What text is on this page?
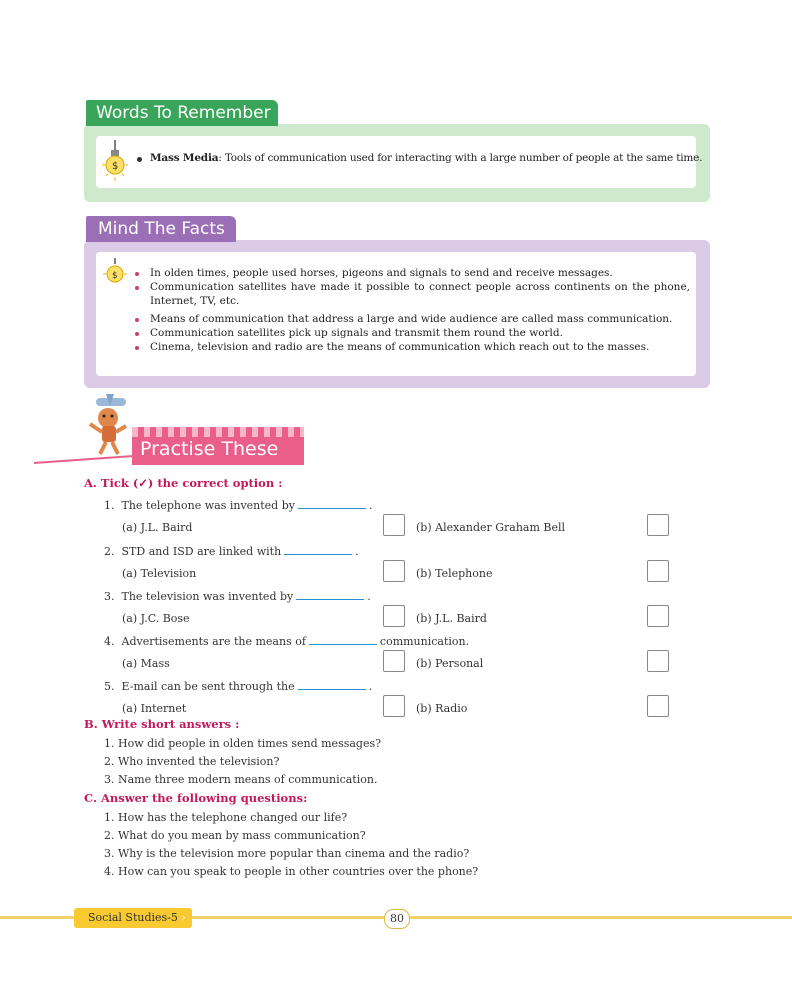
Words To Remember
$
Mass Media: Tools of communication used for interacting with a large number of people at the same time.
Mind The Facts
$	In olden times, people used horses, pigeons and signals to send and receive messages.
Communication satellites have made it possible to connect people across continents on the phone, Internet, TV, etc.
Means of communication that address a large and wide audience are called mass communication.
Communication satellites pick up signals and transmit them round the world.
Cinema, television and radio are the means of communication which reach out to the masses.
Practise These
A. Tick (✓) the correct option :
1. The telephone was invented by	.
(a) J.L. Baird	(b) Alexander Graham Bell
2. STD and ISD are linked with	.
(a) Television	(b) Telephone
3. The television was invented by	.
(a) J.C. Bose	(b) J.L. Baird
4. Advertisements are the means of	communication.
(a) Mass	(b) Personal
5. E-mail can be sent through the	.
(a) Internet	(b) Radio
B. Write short answers :
1. How did people in olden times send messages?
2. Who invented the television?
3. Name three modern means of communication.
C. Answer the following questions:
1. How has the telephone changed our life?
2. What do you mean by mass communication?
3. Why is the television more popular than cinema and the radio?
4. How can you speak to people in other countries over the phone?
Social Studies-5 ›	80
